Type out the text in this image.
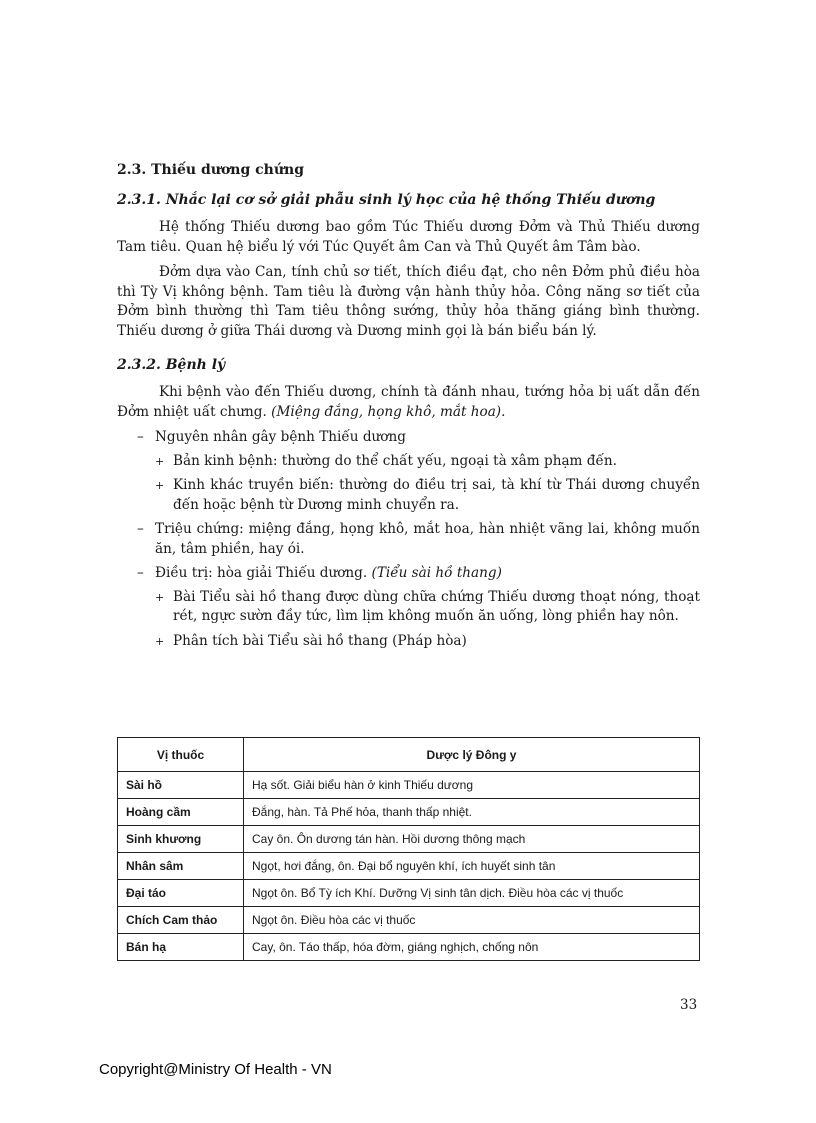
2.3. Thiếu dương chứng
2.3.1. Nhắc lại cơ sở giải phẫu sinh lý học của hệ thống Thiếu dương

Hệ thống Thiếu dương bao gồm Túc Thiếu dương Đởm và Thủ Thiếu dương Tam tiêu. Quan hệ biểu lý với Túc Quyết âm Can và Thủ Quyết âm Tâm bào.

Đởm dựa vào Can, tính chủ sơ tiết, thích điều đạt, cho nên Đởm phủ điều hòa thì Tỳ Vị không bệnh. Tam tiêu là đường vận hành thủy hỏa. Công năng sơ tiết của Đởm bình thường thì Tam tiêu thông sướng, thủy hỏa thăng giáng bình thường. Thiếu dương ở giữa Thái dương và Dương minh gọi là bán biểu bán lý.

2.3.2. Bệnh lý

Khi bệnh vào đến Thiếu dương, chính tà đánh nhau, tướng hỏa bị uất dẫn đến Đởm nhiệt uất chưng. (Miệng đắng, họng khô, mắt hoa).

– Nguyên nhân gây bệnh Thiếu dương
+ Bản kinh bệnh: thường do thể chất yếu, ngoại tà xâm phạm đến.
+ Kinh khác truyền biến: thường do điều trị sai, tà khí từ Thái dương chuyển đến hoặc bệnh từ Dương minh chuyển ra.
– Triệu chứng: miệng đắng, họng khô, mắt hoa, hàn nhiệt vãng lai, không muốn ăn, tâm phiền, hay ói.
– Điều trị: hòa giải Thiếu dương. (Tiểu sài hồ thang)
+ Bài Tiểu sài hồ thang được dùng chữa chứng Thiếu dương thoạt nóng, thoạt rét, ngực sườn đầy tức, lìm lịm không muốn ăn uống, lòng phiền hay nôn.
+ Phân tích bài Tiểu sài hồ thang (Pháp hòa)
Vị thuốc	Dược lý Đông y
Sài hồ	Hạ sốt. Giải biểu hàn ở kinh Thiếu dương
Hoàng cầm	Đắng, hàn. Tả Phế hỏa, thanh thấp nhiệt.
Sinh khương	Cay ôn. Ôn dương tán hàn. Hồi dương thông mạch
Nhân sâm	Ngọt, hơi đắng, ôn. Đại bổ nguyên khí, ích huyết sinh tân
Đại táo	Ngọt ôn. Bổ Tỳ ích Khí. Dưỡng Vị sinh tân dịch. Điều hòa các vị thuốc
Chích Cam thảo	Ngọt ôn. Điều hòa các vị thuốc
Bán hạ	Cay, ôn. Táo thấp, hóa đờm, giáng nghịch, chống nôn
33
Copyright@Ministry Of Health - VN
